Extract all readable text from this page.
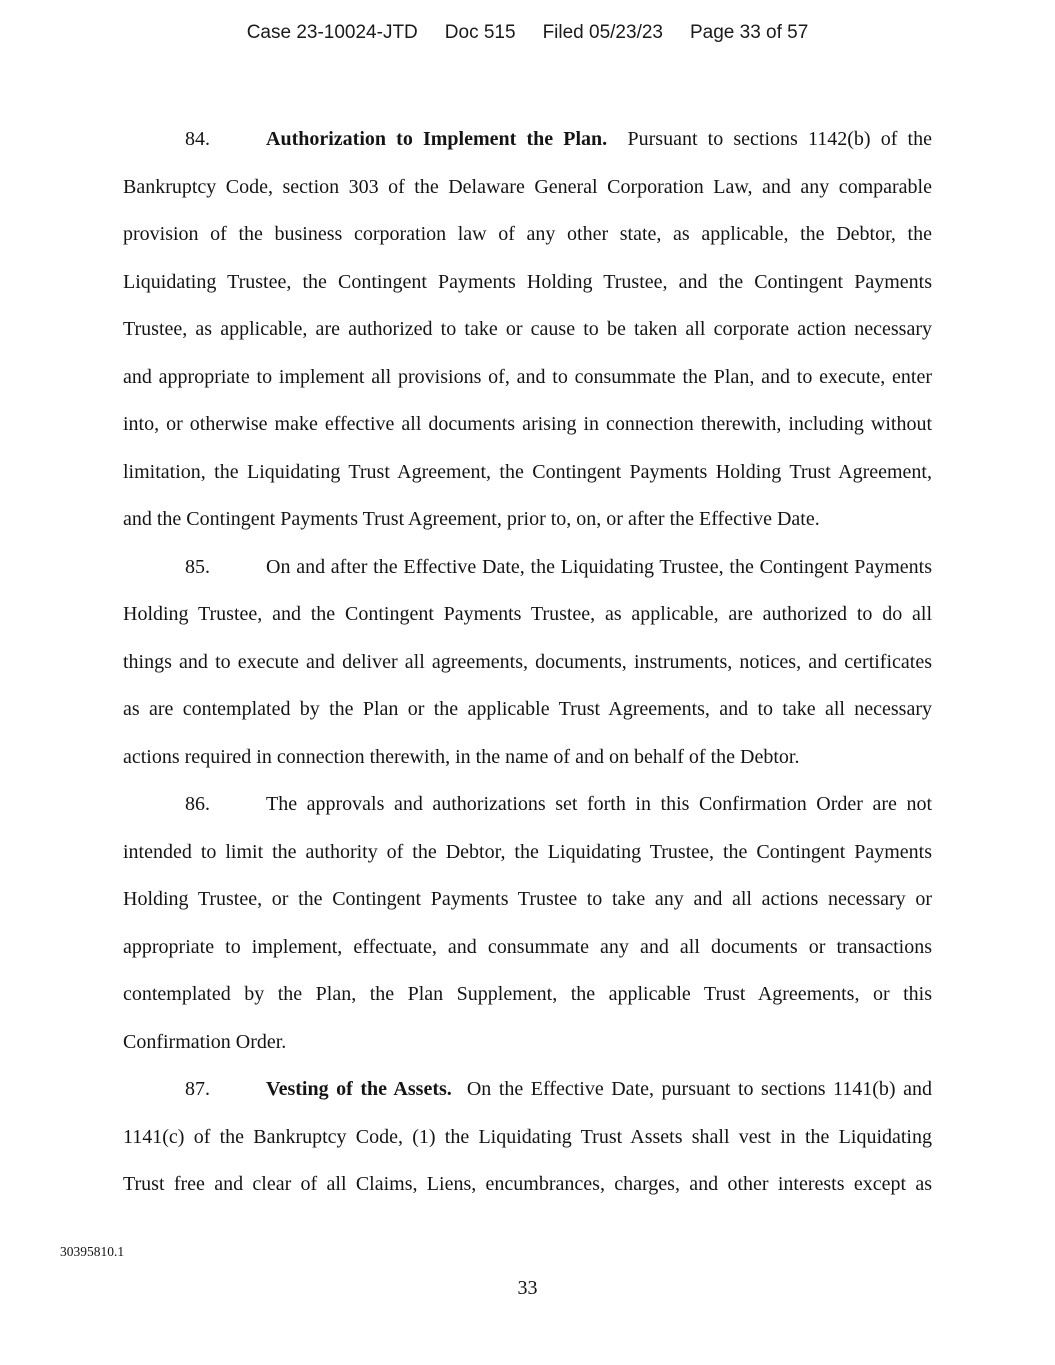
Case 23-10024-JTD Doc 515 Filed 05/23/23 Page 33 of 57
84.	Authorization to Implement the Plan.  Pursuant to sections 1142(b) of the
Bankruptcy Code, section 303 of the Delaware General Corporation Law, and any comparable
provision of the business corporation law of any other state, as applicable, the Debtor, the
Liquidating Trustee, the Contingent Payments Holding Trustee, and the Contingent Payments
Trustee, as applicable, are authorized to take or cause to be taken all corporate action necessary
and appropriate to implement all provisions of, and to consummate the Plan, and to execute, enter
into, or otherwise make effective all documents arising in connection therewith, including without
limitation, the Liquidating Trust Agreement, the Contingent Payments Holding Trust Agreement,
and the Contingent Payments Trust Agreement, prior to, on, or after the Effective Date.
85.	On and after the Effective Date, the Liquidating Trustee, the Contingent Payments
Holding Trustee, and the Contingent Payments Trustee, as applicable, are authorized to do all
things and to execute and deliver all agreements, documents, instruments, notices, and certificates
as are contemplated by the Plan or the applicable Trust Agreements, and to take all necessary
actions required in connection therewith, in the name of and on behalf of the Debtor.
86.	The approvals and authorizations set forth in this Confirmation Order are not
intended to limit the authority of the Debtor, the Liquidating Trustee, the Contingent Payments
Holding Trustee, or the Contingent Payments Trustee to take any and all actions necessary or
appropriate to implement, effectuate, and consummate any and all documents or transactions
contemplated by the Plan, the Plan Supplement, the applicable Trust Agreements, or this
Confirmation Order.
87.	Vesting of the Assets.  On the Effective Date, pursuant to sections 1141(b) and
1141(c) of the Bankruptcy Code, (1) the Liquidating Trust Assets shall vest in the Liquidating
Trust free and clear of all Claims, Liens, encumbrances, charges, and other interests except as
30395810.1
33
